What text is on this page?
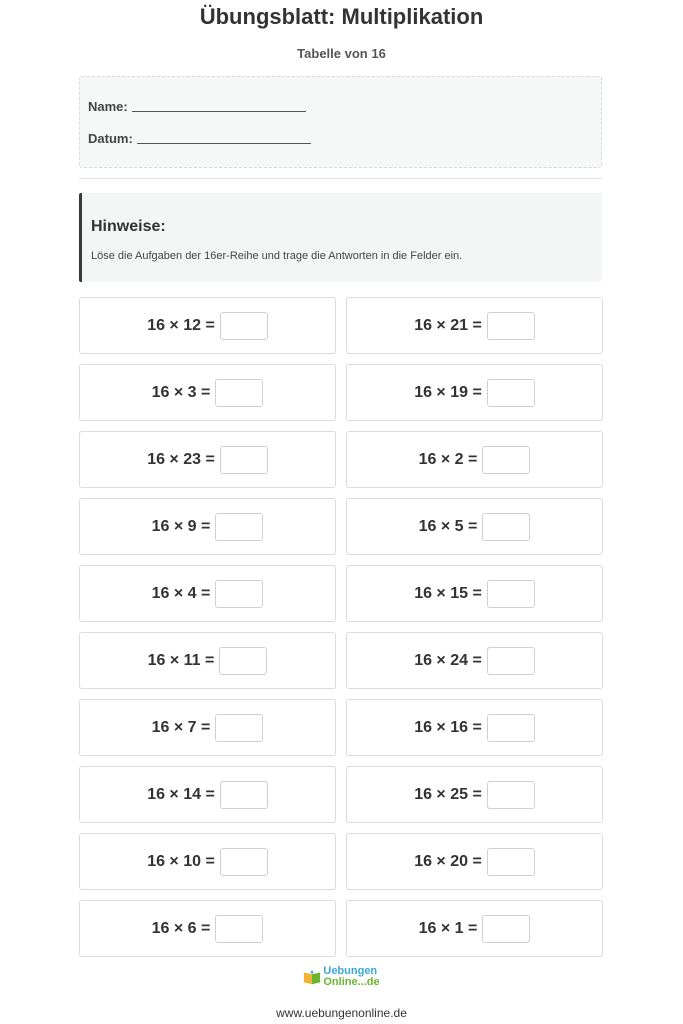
Übungsblatt: Multiplikation
Tabelle von 16
Name:
Datum:
Hinweise:
Löse die Aufgaben der 16er-Reihe und trage die Antworten in die Felder ein.
16 × 12 =	16 × 21 =
16 × 3 =	16 × 19 =
16 × 23 =	16 × 2 =
16 × 9 =	16 × 5 =
16 × 4 =	16 × 15 =
16 × 11 =	16 × 24 =
16 × 7 =	16 × 16 =
16 × 14 =	16 × 25 =
16 × 10 =	16 × 20 =
16 × 6 =	16 × 1 =
Uebungen
Online...de
www.uebungenonline.de
